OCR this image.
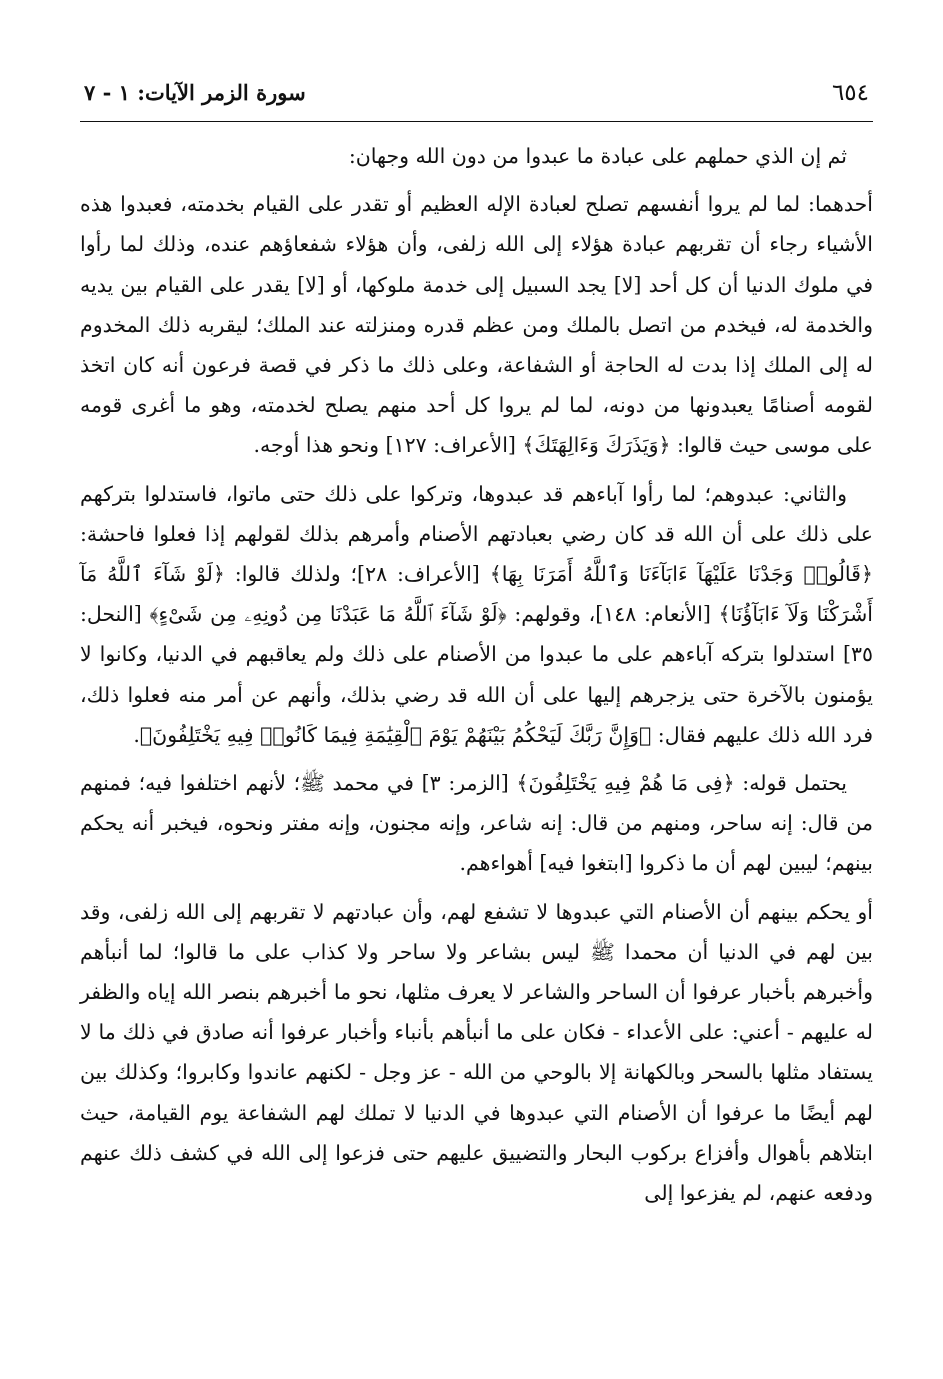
٦٥٤
سورة الزمر الآيات: ١ - ٧

ثم إن الذي حملهم على عبادة ما عبدوا من دون الله وجهان:

أحدهما: لما لم يروا أنفسهم تصلح لعبادة الإله العظيم أو تقدر على القيام بخدمته، فعبدوا هذه الأشياء رجاء أن تقربهم عبادة هؤلاء إلى الله زلفى، وأن هؤلاء شفعاؤهم عنده، وذلك لما رأوا في ملوك الدنيا أن كل أحد [لا] يجد السبيل إلى خدمة ملوكها، أو [لا] يقدر على القيام بين يديه والخدمة له، فيخدم من اتصل بالملك ومن عظم قدره ومنزلته عند الملك؛ ليقربه ذلك المخدوم له إلى الملك إذا بدت له الحاجة أو الشفاعة، وعلى ذلك ما ذكر في قصة فرعون أنه كان اتخذ لقومه أصنامًا يعبدونها من دونه، لما لم يروا كل أحد منهم يصلح لخدمته، وهو ما أغرى قومه على موسى حيث قالوا: ﴿وَيَذَرَكَ وَءَالِهَتَكَ﴾ [الأعراف: ١٢٧] ونحو هذا أوجه.

والثاني: عبدوهم؛ لما رأوا آباءهم قد عبدوها، وتركوا على ذلك حتى ماتوا، فاستدلوا بتركهم على ذلك على أن الله قد كان رضي بعبادتهم الأصنام وأمرهم بذلك لقولهم إذا فعلوا فاحشة: ﴿قَالُوا۟ وَجَدْنَا عَلَيْهَآ ءَابَآءَنَا وَٱللَّهُ أَمَرَنَا بِهَا﴾ [الأعراف: ٢٨]؛ ولذلك قالوا: ﴿لَوْ شَآءَ ٱللَّهُ مَآ أَشْرَكْنَا وَلَآ ءَابَآؤُنَا﴾ [الأنعام: ١٤٨]، وقولهم: ﴿لَوْ شَآءَ ٱللَّهُ مَا عَبَدْنَا مِن دُونِهِۦ مِن شَىْءٍ﴾ [النحل: ٣٥] استدلوا بتركه آباءهم على ما عبدوا من الأصنام على ذلك ولم يعاقبهم في الدنيا، وكانوا لا يؤمنون بالآخرة حتى يزجرهم إليها على أن الله قد رضي بذلك، وأنهم عن أمر منه فعلوا ذلك، فرد الله ذلك عليهم فقال: ﴿وَإِنَّ رَبَّكَ لَيَحْكُمُ بَيْنَهُمْ يَوْمَ ٱلْقِيَٰمَةِ فِيمَا كَانُوا۟ فِيهِ يَخْتَلِفُونَ﴾.

يحتمل قوله: ﴿فِى مَا هُمْ فِيهِ يَخْتَلِفُونَ﴾ [الزمر: ٣] في محمد ﷺ؛ لأنهم اختلفوا فيه؛ فمنهم من قال: إنه ساحر، ومنهم من قال: إنه شاعر، وإنه مجنون، وإنه مفتر ونحوه، فيخبر أنه يحكم بينهم؛ ليبين لهم أن ما ذكروا [ابتغوا فيه] أهواءهم.

أو يحكم بينهم أن الأصنام التي عبدوها لا تشفع لهم، وأن عبادتهم لا تقربهم إلى الله زلفى، وقد بين لهم في الدنيا أن محمدا ﷺ ليس بشاعر ولا ساحر ولا كذاب على ما قالوا؛ لما أنبأهم وأخبرهم بأخبار عرفوا أن الساحر والشاعر لا يعرف مثلها، نحو ما أخبرهم بنصر الله إياه والظفر له عليهم - أعني: على الأعداء - فكان على ما أنبأهم بأنباء وأخبار عرفوا أنه صادق في ذلك ما لا يستفاد مثلها بالسحر وبالكهانة إلا بالوحي من الله - عز وجل - لكنهم عاندوا وكابروا؛ وكذلك بين لهم أيضًا ما عرفوا أن الأصنام التي عبدوها في الدنيا لا تملك لهم الشفاعة يوم القيامة، حيث ابتلاهم بأهوال وأفزاع بركوب البحار والتضييق عليهم حتى فزعوا إلى الله في كشف ذلك عنهم ودفعه عنهم، لم يفزعوا إلى
